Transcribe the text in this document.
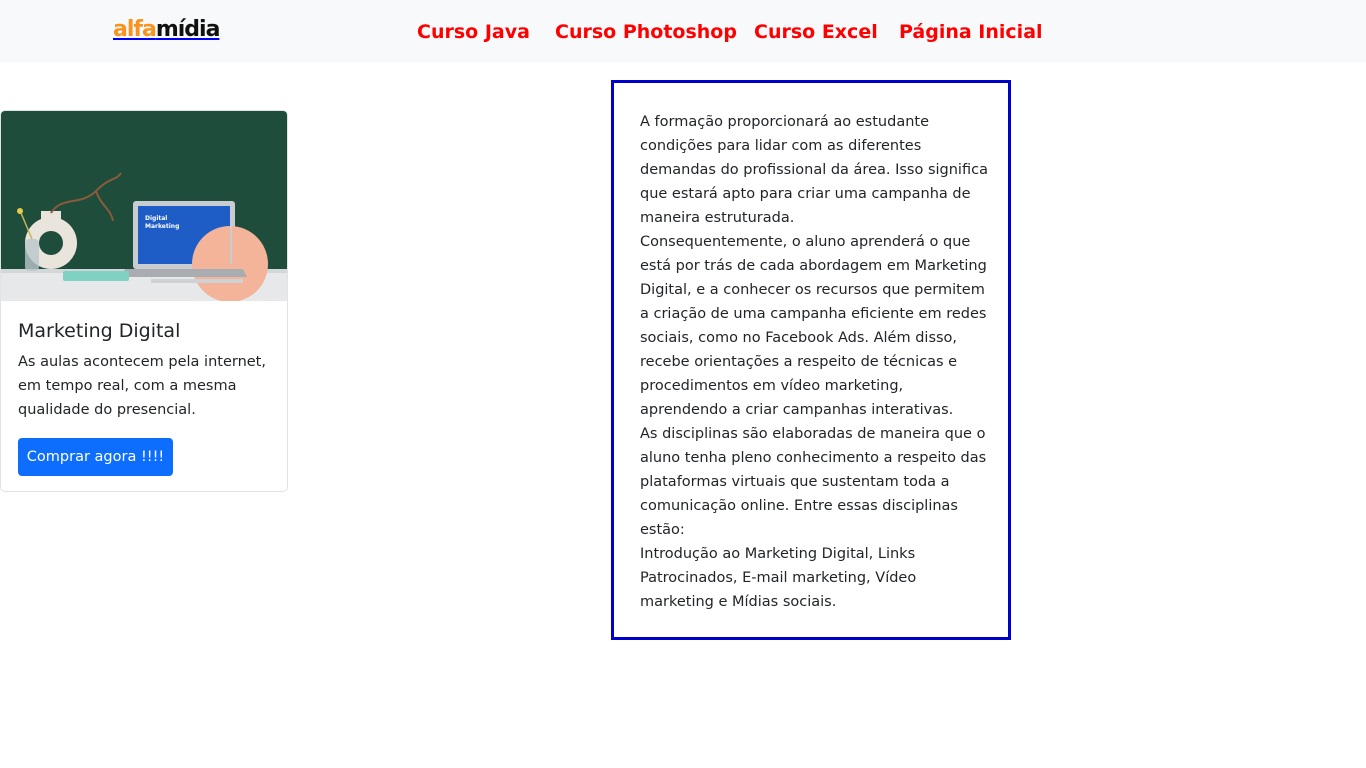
alfamídia	Curso Java Curso Photoshop Curso Excel Página Inicial
Digital
Marketing
Marketing Digital

As aulas acontecem pela internet, em tempo real, com a mesma qualidade do presencial.

Comprar agora !!!!

A formação proporcionará ao estudante condições para lidar com as diferentes demandas do profissional da área. Isso significa que estará apto para criar uma campanha de maneira estruturada.

Consequentemente, o aluno aprenderá o que está por trás de cada abordagem em Marketing Digital, e a conhecer os recursos que permitem a criação de uma campanha eficiente em redes sociais, como no Facebook Ads. Além disso, recebe orientações a respeito de técnicas e procedimentos em vídeo marketing, aprendendo a criar campanhas interativas.

As disciplinas são elaboradas de maneira que o aluno tenha pleno conhecimento a respeito das plataformas virtuais que sustentam toda a comunicação online. Entre essas disciplinas estão:

Introdução ao Marketing Digital, Links Patrocinados, E-mail marketing, Vídeo marketing e Mídias sociais.
